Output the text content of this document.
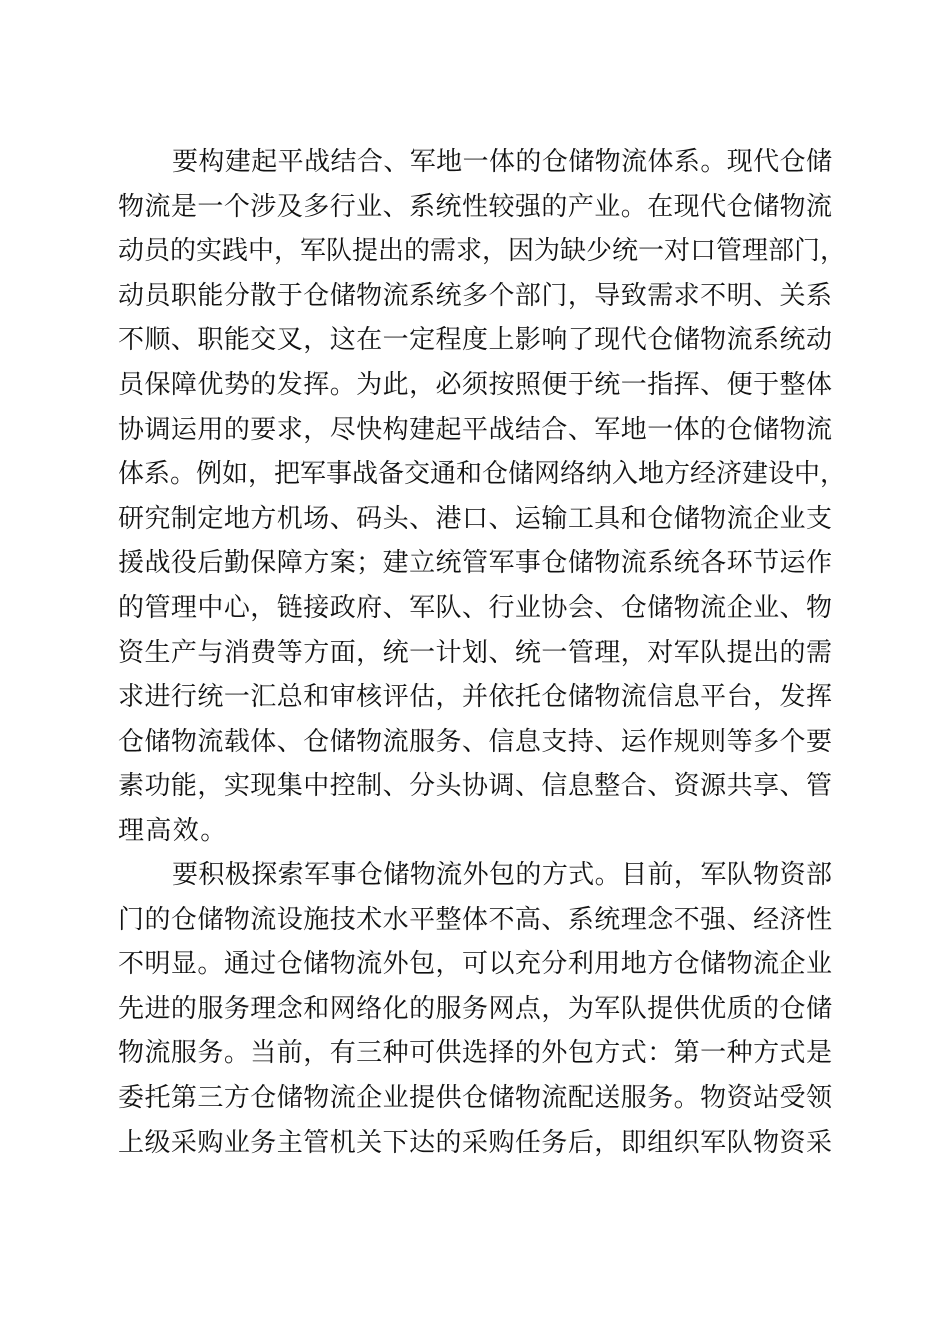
要构建起平战结合、军地一体的仓储物流体系。现代仓储
物流是一个涉及多行业、系统性较强的产业。在现代仓储物流
动员的实践中，军队提出的需求，因为缺少统一对口管理部门，
动员职能分散于仓储物流系统多个部门，导致需求不明、关系
不顺、职能交叉，这在一定程度上影响了现代仓储物流系统动
员保障优势的发挥。为此，必须按照便于统一指挥、便于整体
协调运用的要求，尽快构建起平战结合、军地一体的仓储物流
体系。例如，把军事战备交通和仓储网络纳入地方经济建设中，
研究制定地方机场、码头、港口、运输工具和仓储物流企业支
援战役后勤保障方案；建立统管军事仓储物流系统各环节运作
的管理中心，链接政府、军队、行业协会、仓储物流企业、物
资生产与消费等方面，统一计划、统一管理，对军队提出的需
求进行统一汇总和审核评估，并依托仓储物流信息平台，发挥
仓储物流载体、仓储物流服务、信息支持、运作规则等多个要
素功能，实现集中控制、分头协调、信息整合、资源共享、管
理高效。
要积极探索军事仓储物流外包的方式。目前，军队物资部
门的仓储物流设施技术水平整体不高、系统理念不强、经济性
不明显。通过仓储物流外包，可以充分利用地方仓储物流企业
先进的服务理念和网络化的服务网点，为军队提供优质的仓储
物流服务。当前，有三种可供选择的外包方式：第一种方式是
委托第三方仓储物流企业提供仓储物流配送服务。物资站受领
上级采购业务主管机关下达的采购任务后，即组织军队物资采
